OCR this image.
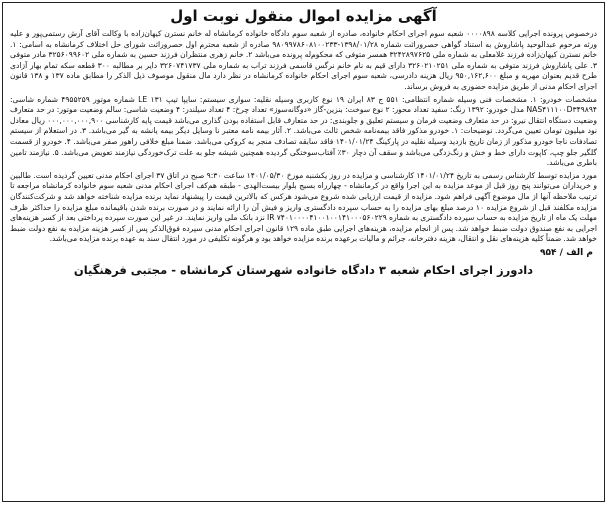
آگهی مزایده اموال منقول نوبت اول

درخصوص پرونده اجرایی کلاسه ۰۰۰۰۸۹۸ شعبه سوم اجرای احکام خانواده، صادره از شعبه سوم دادگاه خانواده کرمانشاه له خانم نسترن کیهان‌زاده با وکالت آقای آرش رستمی‌پور و علیه ورثه مرحوم عبدالوحید پاشاروش به استناد گواهی حصروراثت شماره ۱۳۹۸/۰۱/۲۸-۹۸۰۹۹۷۸۶۰۸۱۰۰۲۳۳ صادره از شعبه محترم اول حصروراثت شورای حل اختلاف کرمانشاه به اسامی: ۱. خانم نسترن کیهان‌زاده فرزند غلامعلی به شماره ملی ۳۲۴۲۸۹۷۶۲۵ همسر متوفی که محکوم‌له پرونده می‌باشد ۲. خانم زهری منتظران فرزند حسین به شماره ملی ۳۲۵۶۰۹۹۶۰۲ مادر متوفی ۳. علی پاشاروش فرزند متوفی به شماره ملی ۳۲۶۰۲۱۰۲۵۱ دارای قیم به نام خانم نرگس قاسمی فرزند تراب به شماره ملی ۳۲۶۰۷۴۱۷۳۷ دایر بر مطالبه ۳۰۰ قطعه سکه تمام بهار آزادی طرح قدیم بعنوان مهریه و مبلغ ۹۵۰,۱۶۲,۶۰۰ ریال هزینه دادرسی، شعبه سوم اجرای احکام خانواده کرمانشاه در نظر دارد مال منقول موصوف ذیل الذکر را مطابق ماده ۱۳۷ و ۱۳۸ قانون اجرای احکام مدنی از طریق مزایده حضوری به فروش برساند.

مشخصات خودرو: ۱. مشخصات فنی وسیله شماره انتظامی: ۵۵۱ ج ۸۳ ایران ۱۹ نوع کاربری وسیله نقلیه: سواری سیستم: سایپا تیپ LE ۱۳۱ شماره موتور ۴۹۵۵۲۵۹ شماره شاسی: NAS۴۱۱۱۰۰D۳۴۹۸۹۴ مدل خودرو: ۱۳۹۲ رنگ: سفید تعداد محور: ۲ نوع سوخت: بنزین-گاز «دوگانه‌سوز» تعداد چرخ: ۴ تعداد سیلندر: ۴ وضعیت شاسی: سالم وضعیت موتور: در حد متعارف وضعیت دستگاه انتقال نیرو: در حد متعارف وضعیت فرمان و سیستم تعلیق و جلوبندی: در حد متعارف قابل استفاده بودن گذاری می‌باشد قیمت پایه کارشناسی ۰۰۰,۰۰۰,۰۰۰,۹۰۰ ریال معادل نود میلیون تومان تعیین می‌گردد. توضیحات: ۱. خودرو مذکور فاقد بیمه‌نامه شخص ثالث می‌باشد. ۲. آثار بیمه نامه معتبر نا وسایل دیگر بیمه یانشه به گیر می‌باشد. ۳. در استعلام از سیستم تصادفات ناجا خودرو مذکور از زمان تاریخ بازدید وسیله نقلیه در پارکینگ ۱۴۰۱/۰۱/۲۴ فاقد سابقه تصادف منجر به کروکی می‌باشد. ضمنا مبلغ خلافی راهور صفر می‌باشد. ۴. خودرو از قسمت گلگیر جلو چپ، کاپوت دارای خط و خش و رنگ‌زدگی می‌باشد و سقف آن دچار ۳۰٪ آفتاب‌سوختگی گردیده همچنین شیشه جلو به علت ترک‌خوردگی نیازمند تعویض می‌باشد. ۵. نیازمند تامین باطری می‌باشد.

مورد مزایده توسط کارشناس رسمی به تاریخ ۱۴۰۱/۰۱/۲۴ کارشناسی و مزایده در روز یکشنبه مورخ ۱۴۰۱/۰۵/۳۰ ساعت ۹:۳۰ صبح در اتاق ۳۷ اجرای احکام مدنی تعیین گردیده است. طالبین و خریداران می‌توانند پنج روز قبل از موعد مزایده به این اجرا واقع در کرمانشاه - چهارراه بسیج بلوار بیست‌الهدی - طبقه هم‌کف اجرای احکام مدنی شعبه سوم خانواده کرمانشاه مراجعه تا ترتیب ملاحظه آنها از مال موضوع آگهی فراهم شود. مزایده از قیمت ارزیابی شده شروع می‌شود هرکس که بالاترین قیمت را پیشنهاد نماید برنده مزایده شناخته خواهد شد و شرکت‌کنندگان مزایده مکلفند قبل از شروع مزایده ۱۰ درصد مبلغ بهای مزایده را به حساب سپرده دادگستری واریز و فیش آن را ارائه نمایند و در صورت برنده شدن باقیمانده مبلغ مزایده را حداکثر ظرف مهلت یک ماه از تاریخ مزایده به حساب سپرده دادگستری به شماره IR ۷۴۰۱۰۰۰۰۴۱۰۰۱۰۰۱۴۱۰۰۰۵۶۰۲۲۹ نزد بانک ملی واریز نمایند. در غیر این صورت سپرده پرداختی بعد از کسر هزینه‌های اجرایی به نفع صندوق دولت ضبط خواهد شد. پس از انجام مزایده، هزینه‌های اجرایی طبق ماده ۱۲۹ قانون اجرای احکام مدنی سپرده فوق‌الذکر پس از کسر هزینه مزایده به نفع دولت ضبط خواهد شد. ضمناً کلیه هزینه‌های نقل و انتقال، هزینه دفترخانه، جرائم و مالیات برعهده برنده مزایده خواهد بود و هرگونه تکلیفی در مورد انتقال سند به عهده برنده مزایده می‌باشد.

م الف / ۹۵۴
دادورز اجرای احکام شعبه ۳ دادگاه خانواده شهرستان کرمانشاه - مجتبی فرهنگیان
